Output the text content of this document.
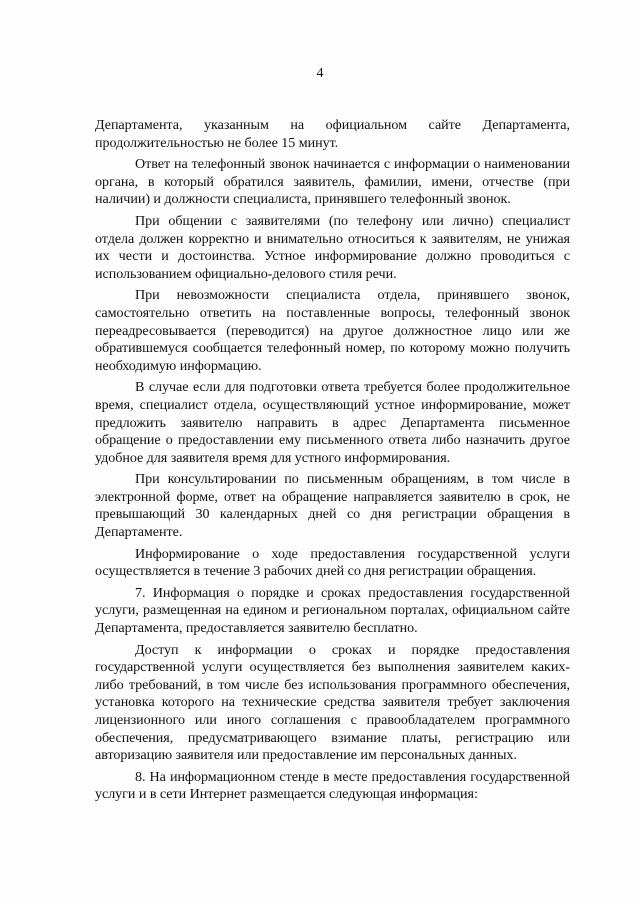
4

Департамента, указанным на официальном сайте Департамента, продолжительностью не более 15 минут.

Ответ на телефонный звонок начинается с информации о наименовании органа, в который обратился заявитель, фамилии, имени, отчестве (при наличии) и должности специалиста, принявшего телефонный звонок.

При общении с заявителями (по телефону или лично) специалист отдела должен корректно и внимательно относиться к заявителям, не унижая их чести и достоинства. Устное информирование должно проводиться с использованием официально-делового стиля речи.

При невозможности специалиста отдела, принявшего звонок, самостоятельно ответить на поставленные вопросы, телефонный звонок переадресовывается (переводится) на другое должностное лицо или же обратившемуся сообщается телефонный номер, по которому можно получить необходимую информацию.

В случае если для подготовки ответа требуется более продолжительное время, специалист отдела, осуществляющий устное информирование, может предложить заявителю направить в адрес Департамента письменное обращение о предоставлении ему письменного ответа либо назначить другое удобное для заявителя время для устного информирования.

При консультировании по письменным обращениям, в том числе в электронной форме, ответ на обращение направляется заявителю в срок, не превышающий 30 календарных дней со дня регистрации обращения в Департаменте.

Информирование о ходе предоставления государственной услуги осуществляется в течение 3 рабочих дней со дня регистрации обращения.

7. Информация о порядке и сроках предоставления государственной услуги, размещенная на едином и региональном порталах, официальном сайте Департамента, предоставляется заявителю бесплатно.

Доступ к информации о сроках и порядке предоставления государственной услуги осуществляется без выполнения заявителем каких-либо требований, в том числе без использования программного обеспечения, установка которого на технические средства заявителя требует заключения лицензионного или иного соглашения с правообладателем программного обеспечения, предусматривающего взимание платы, регистрацию или авторизацию заявителя или предоставление им персональных данных.

8. На информационном стенде в месте предоставления государственной услуги и в сети Интернет размещается следующая информация:
